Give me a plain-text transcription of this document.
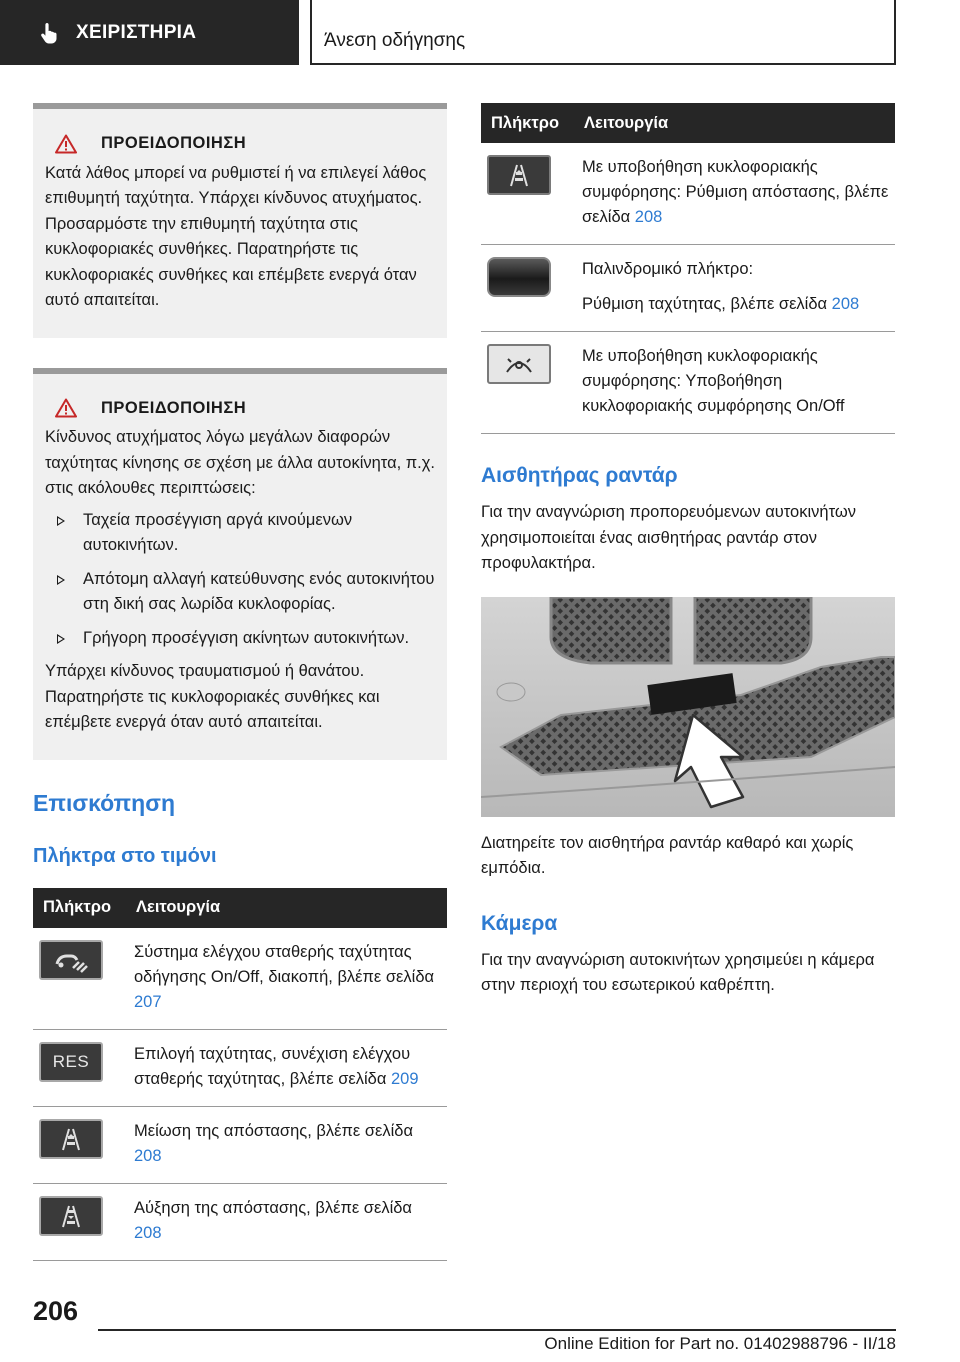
ΧΕΙΡΙΣΤΗΡΙΑ	Άνεση οδήγησης
ΠΡΟΕΙΔΟΠΟΙΗΣΗ

Κατά λάθος μπορεί να ρυθμιστεί ή να επιλεγεί λάθος επιθυμητή ταχύτητα. Υπάρχει κίνδυνος ατυχήματος. Προσαρμόστε την επιθυμητή ταχύτητα στις κυκλοφοριακές συνθήκες. Παρατηρήστε τις κυκλοφοριακές συνθήκες και επέμβετε ενεργά όταν αυτό απαιτείται.

ΠΡΟΕΙΔΟΠΟΙΗΣΗ

Κίνδυνος ατυχήματος λόγω μεγάλων διαφορών ταχύτητας κίνησης σε σχέση με άλλα αυτοκίνητα, π.χ. στις ακόλουθες περιπτώσεις:

Ταχεία προσέγγιση αργά κινούμενων αυτοκινήτων.
Απότομη αλλαγή κατεύθυνσης ενός αυτοκινήτου στη δική σας λωρίδα κυκλοφορίας.
Γρήγορη προσέγγιση ακίνητων αυτοκινήτων.

Υπάρχει κίνδυνος τραυματισμού ή θανάτου. Παρατηρήστε τις κυκλοφοριακές συνθήκες και επέμβετε ενεργά όταν αυτό απαιτείται.

Επισκόπηση
Πλήκτρα στο τιμόνι
Πλήκτρο	Λειτουργία

	Σύστημα ελέγχου σταθερής ταχύτητας οδήγησης On/Off, διακοπή, βλέπε σελίδα 207

RES	Επιλογή ταχύτητας, συνέχιση ελέγχου σταθερής ταχύτητας, βλέπε σελίδα 209

	Μείωση της απόστασης, βλέπε σελίδα 208

	Αύξηση της απόστασης, βλέπε σελίδα 208
Πλήκτρο	Λειτουργία

	Με υποβοήθηση κυκλοφοριακής συμφόρησης: Ρύθμιση απόστασης, βλέπε σελίδα 208

	Παλινδρομικό πλήκτρο:

Ρύθμιση ταχύτητας, βλέπε σελίδα 208

	Με υποβοήθηση κυκλοφοριακής συμφόρησης: Υποβοήθηση κυκλοφοριακής συμφόρησης On/Off
Αισθητήρας ραντάρ

Για την αναγνώριση προπορευόμενων αυτοκινήτων χρησιμοποιείται ένας αισθητήρας ραντάρ στον προφυλακτήρα.

Διατηρείτε τον αισθητήρα ραντάρ καθαρό και χωρίς εμπόδια.

Κάμερα

Για την αναγνώριση αυτοκινήτων χρησιμεύει η κάμερα στην περιοχή του εσωτερικού καθρέπτη.

206
Online Edition for Part no. 01402988796 - II/18
